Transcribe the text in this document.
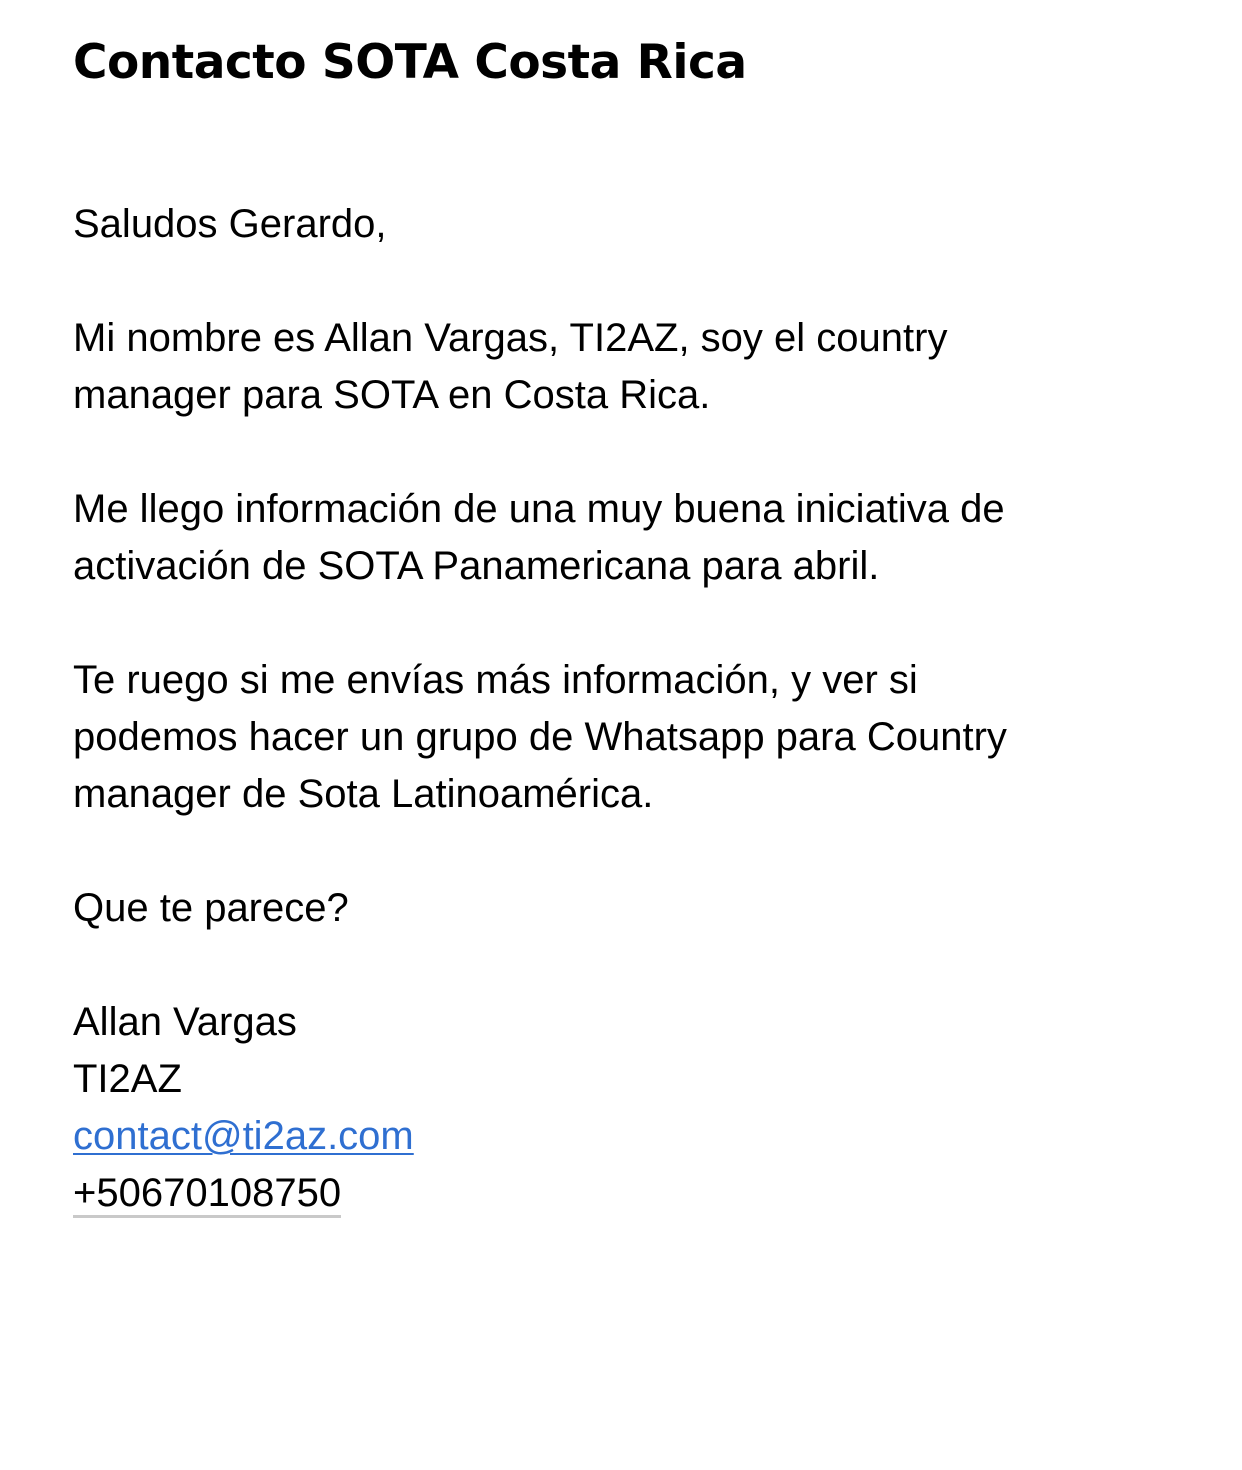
Contacto SOTA Costa Rica

Saludos Gerardo,

Mi nombre es Allan Vargas, TI2AZ, soy el country
manager para SOTA en Costa Rica.

Me llego información de una muy buena iniciativa de
activación de SOTA Panamericana para abril.

Te ruego si me envías más información, y ver si
podemos hacer un grupo de Whatsapp para Country
manager de Sota Latinoamérica.

Que te parece?

Allan Vargas
TI2AZ
contact@ti2az.com
+50670108750
